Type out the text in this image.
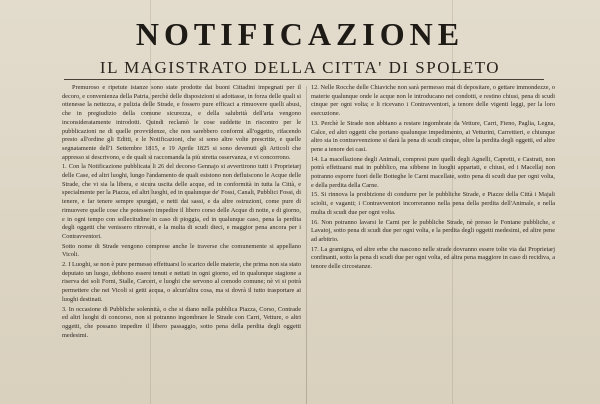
NOTIFICAZIONE
IL MAGISTRATO DELLA CITTA' DI SPOLETO

Premuroso e ripetute istanze sono state prodotte dai buoni Cittadini impegnati per il decoro, e convenienza della Patria, perchè delle disposizioni si adottasse, in forza delle quali si ottenesse la nettezza, e pulizia delle Strade, e fossero pure efficaci a rimuovere quelli abusi, che in pregiudizio della comune sicurezza, e della salubrità dell'aria vengono inconsideratamente introdotti. Quindi reclamò le cose suddette in riscontro per le pubblicazioni ne di quelle provvidenze, che non sarebbero conformi all'oggetto, rifacendo presto all'ordine gli Editti, e le Notificazioni, che si sono altre volte prescritte, e quelle segnatamente dell'1 Settembre 1815, e 19 Aprile 1825 si sono devenuti gli Articoli che appresso si descrivono, e de quali si raccomanda la più stretta osservanza, e vi concorrono.

1. Con la Notificazione pubblicata li 26 del decorso Gennajo si avvertirono tutti i Proprietarj delle Case, ed altri luoghi, lungo l'andamento de quali esistono non defluiscono le Acque delle Strade, che vi sia la libera, e sicura uscita delle acque, ed in conformità in tutta la Città, e specialmente per la Piazza, ed altri luoghi, ed in qualunque de' Fossi, Canali, Pubblici Fossi, di tenere, e far tenere sempre spurgati, e netti dai sassi, e da altre ostruzioni, come pure di rimuovere quelle cose che potessero impedire il libero corso delle Acque di notte, e di giorno, e in ogni tempo con sollecitudine in caso di pioggia, ed in qualunque caso, pena la perdita degli oggetti che venissero ritrovati, e la multa di scudi dieci, e maggior pena ancora per i Contravventori.

Sotto nome di Strade vengono comprese anche le traverse che comunemente si appellano Vicoli.

2. I Luoghi, se non è pure permesso effettuarsi lo scarico delle materie, che prima non sia stato deputato un luogo, debbono essere tenuti e nettati in ogni giorno, ed in qualunque stagione a riserva dei soli Forni, Stalle, Carceri, e luoghi che servono al comodo comune; nè vi si potrà permettere che nei Vicoli si getti acqua, o alcun'altra cosa, ma si dovrà il tutto trasportare ai luoghi destinati.

3. In occasione di Pubbliche solennità, o che si diano nella pubblica Piazza, Corso, Contrade ed altri luoghi di concorso, non si potranno ingombrare le Strade con Carri, Vetture, o altri oggetti, che possano impedire il libero passaggio, sotto pena della perdita degli oggetti medesimi.

12. Nelle Rocche delle Chiaviche non sarà permesso mai di depositare, o gettare immondezze, o materie qualunque onde le acque non le introducano nei condotti, e restino chiusi, pena di scudi cinque per ogni volta; e li ricevano i Contravventori, a tenore delle vigenti leggi, per la loro esecuzione.

13. Perchè le Strade non abbiano a restare ingombrate da Vetture, Carri, Fieno, Paglia, Legna, Calce, ed altri oggetti che portano qualunque impedimento, ai Vetturini, Carrettieri, e chiunque altro sia in contravvenzione si darà la pena di scudi cinque, oltre la perdita degli oggetti, ed altre pene a tenore dei casi.

14. La macellazione degli Animali, compresi pure quelli degli Agnelli, Capretti, e Castrati, non potrà effettuarsi mai in pubblico, ma sibbene in luoghi appartati, e chiusi, ed i Macellaj non potranno esporre fuori delle Botteghe le Carni macellate, sotto pena di scudi due per ogni volta, e della perdita della Carne.

15. Si rinnova la proibizione di condurre per le pubbliche Strade, e Piazze della Città i Majali sciolti, e vaganti; i Contravventori incorreranno nella pena della perdita dell'Animale, e nella multa di scudi due per ogni volta.

16. Non potranno lavarsi le Carni per le pubbliche Strade, nè presso le Fontane pubbliche, e Lavatoj, sotto pena di scudi due per ogni volta, e la perdita degli oggetti medesimi, ed altre pene ad arbitrio.

17. La gramigna, ed altre erbe che nascono nelle strade dovranno essere tolte via dai Proprietarj confinanti, sotto la pena di scudi due per ogni volta, ed altra pena maggiore in caso di recidiva, a tenore delle circostanze.
